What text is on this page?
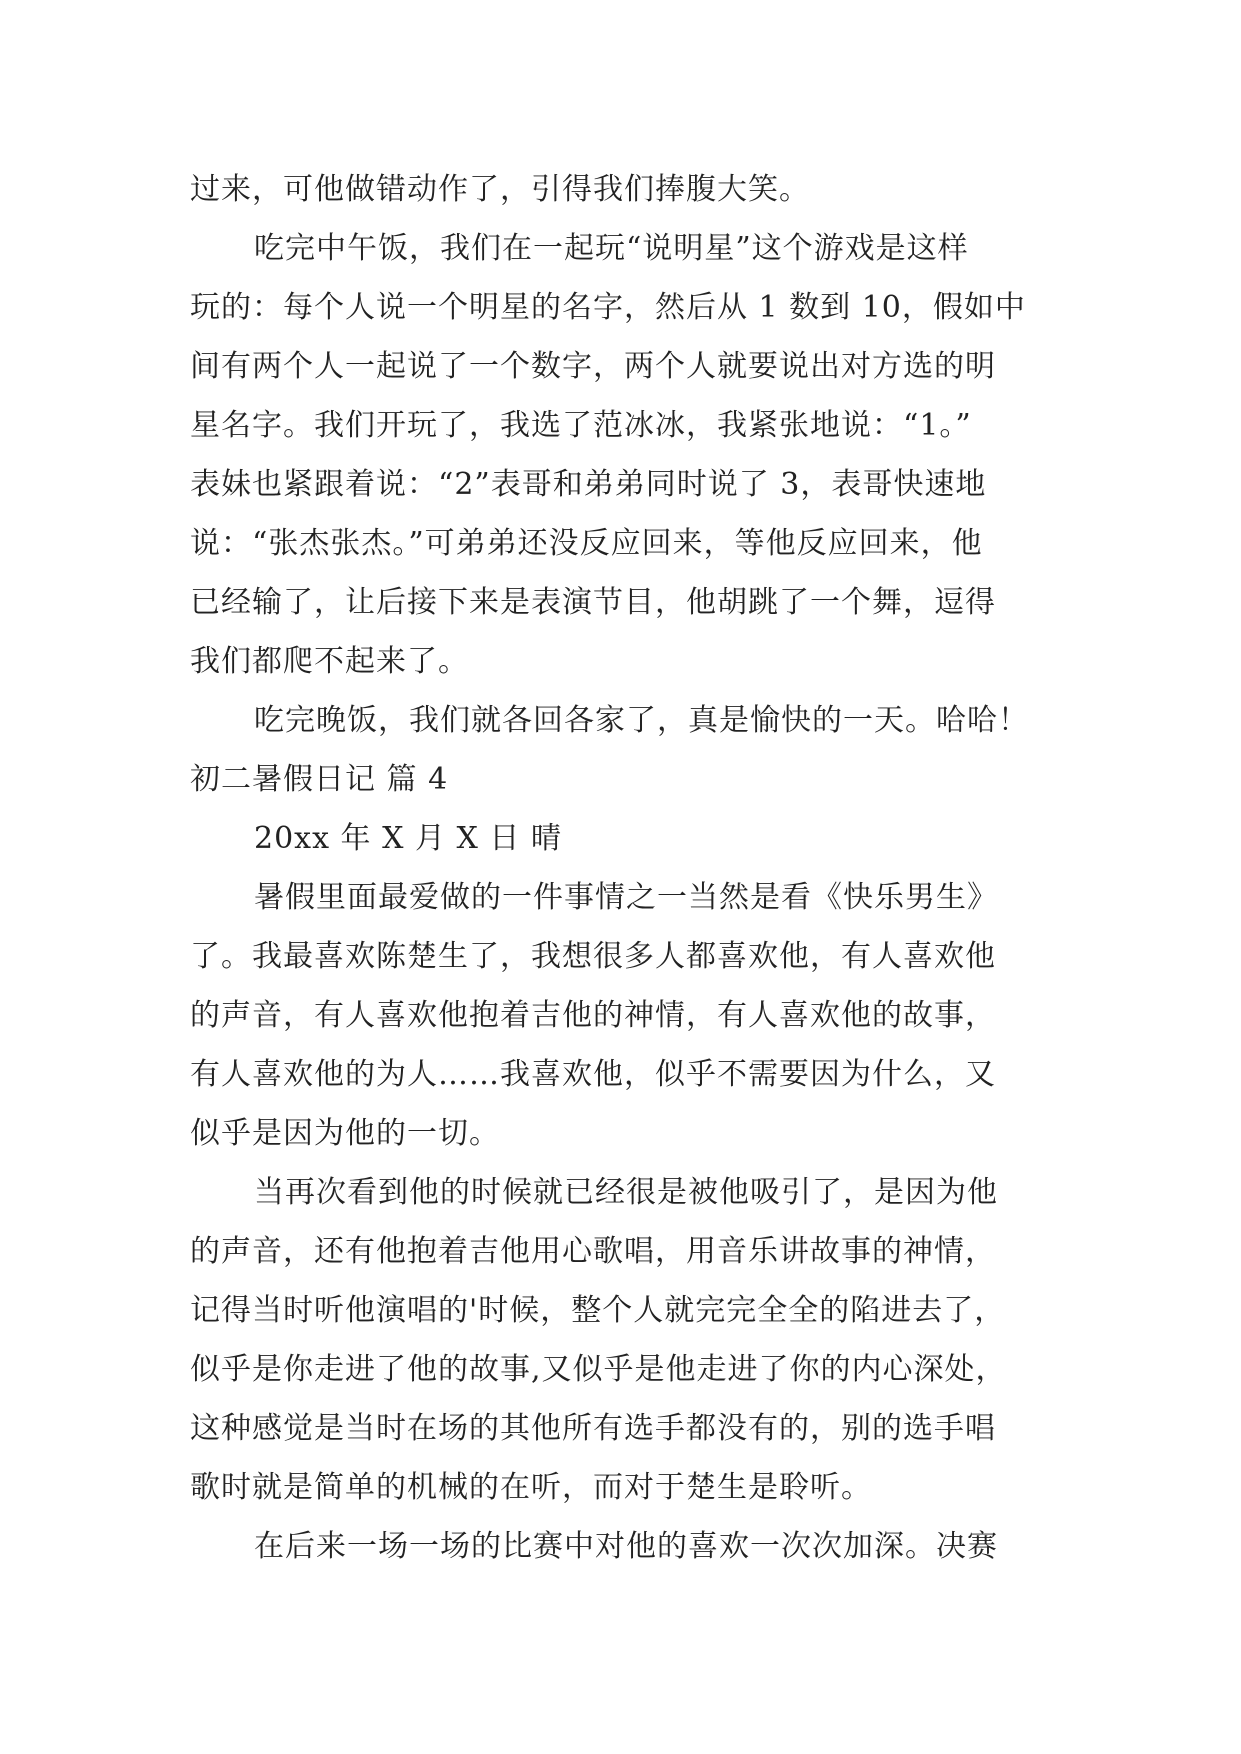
过来，可他做错动作了，引得我们捧腹大笑。
吃完中午饭，我们在一起玩“说明星”这个游戏是这样
玩的：每个人说一个明星的名字，然后从 1 数到 10，假如中
间有两个人一起说了一个数字，两个人就要说出对方选的明
星名字。我们开玩了，我选了范冰冰，我紧张地说：“1。”
表妹也紧跟着说：“2”表哥和弟弟同时说了 3，表哥快速地
说：“张杰张杰。”可弟弟还没反应回来，等他反应回来，他
已经输了，让后接下来是表演节目，他胡跳了一个舞，逗得
我们都爬不起来了。
吃完晚饭，我们就各回各家了，真是愉快的一天。哈哈！
初二暑假日记 篇 4
20xx 年 X 月 X 日 晴
暑假里面最爱做的一件事情之一当然是看《快乐男生》
了。我最喜欢陈楚生了，我想很多人都喜欢他，有人喜欢他
的声音，有人喜欢他抱着吉他的神情，有人喜欢他的故事，
有人喜欢他的为人……我喜欢他，似乎不需要因为什么，又
似乎是因为他的一切。
当再次看到他的时候就已经很是被他吸引了，是因为他
的声音，还有他抱着吉他用心歌唱，用音乐讲故事的神情，
记得当时听他演唱的'时候，整个人就完完全全的陷进去了，
似乎是你走进了他的故事,又似乎是他走进了你的内心深处，
这种感觉是当时在场的其他所有选手都没有的，别的选手唱
歌时就是简单的机械的在听，而对于楚生是聆听。
在后来一场一场的比赛中对他的喜欢一次次加深。决赛
